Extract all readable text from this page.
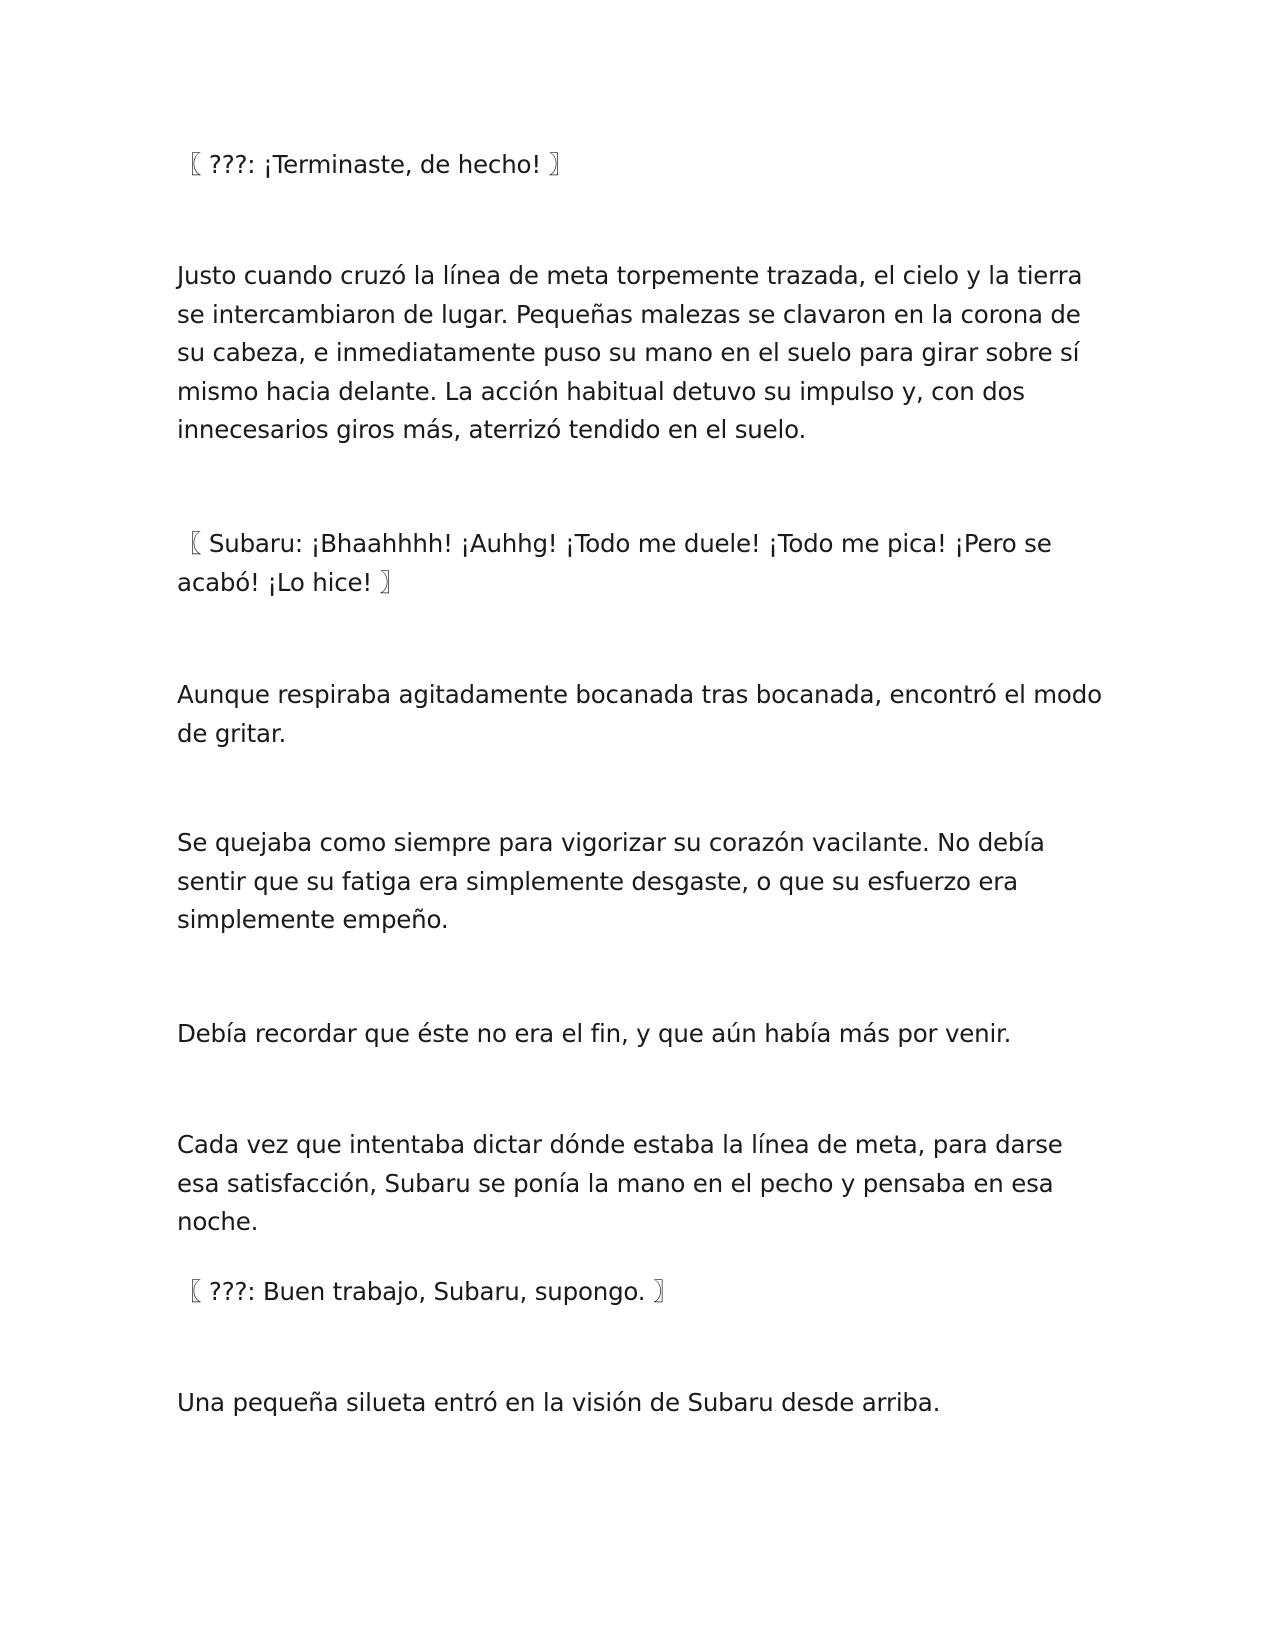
〖 ???: ¡Terminaste, de hecho! 〗

Justo cuando cruzó la línea de meta torpemente trazada, el cielo y la tierra se intercambiaron de lugar. Pequeñas malezas se clavaron en la corona de su cabeza, e inmediatamente puso su mano en el suelo para girar sobre sí mismo hacia delante. La acción habitual detuvo su impulso y, con dos innecesarios giros más, aterrizó tendido en el suelo.

〖 Subaru: ¡Bhaahhhh! ¡Auhhg! ¡Todo me duele! ¡Todo me pica! ¡Pero se acabó! ¡Lo hice! 〗

Aunque respiraba agitadamente bocanada tras bocanada, encontró el modo de gritar.

Se quejaba como siempre para vigorizar su corazón vacilante. No debía sentir que su fatiga era simplemente desgaste, o que su esfuerzo era simplemente empeño.

Debía recordar que éste no era el fin, y que aún había más por venir.

Cada vez que intentaba dictar dónde estaba la línea de meta, para darse esa satisfacción, Subaru se ponía la mano en el pecho y pensaba en esa noche.

〖 ???: Buen trabajo, Subaru, supongo. 〗

Una pequeña silueta entró en la visión de Subaru desde arriba.
